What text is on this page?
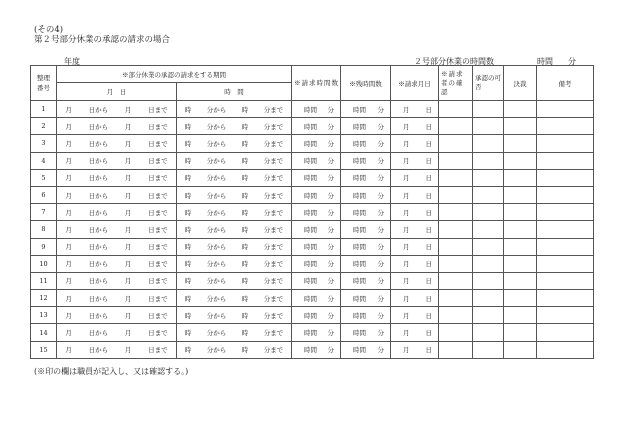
(その4)
第２号部分休業の承認の請求の場合
年度	２号部分休業の時間数	時間 分
整理番号	※部分休業の承認の請求をする期間		※請求時間数	※残時間数	※請求月日	※請求者の確認	承認の可否	決裁	備考
	月　日	時　間							
1	月 日から 月 日まで	時 分から 時 分まで	時間 分	時間 分	月 日				

2	月 日から 月 日まで	時 分から 時 分まで	時間 分	時間 分	月 日				

3	月 日から 月 日まで	時 分から 時 分まで	時間 分	時間 分	月 日				

4	月 日から 月 日まで	時 分から 時 分まで	時間 分	時間 分	月 日				

5	月 日から 月 日まで	時 分から 時 分まで	時間 分	時間 分	月 日				

6	月 日から 月 日まで	時 分から 時 分まで	時間 分	時間 分	月 日				

7	月 日から 月 日まで	時 分から 時 分まで	時間 分	時間 分	月 日				

8	月 日から 月 日まで	時 分から 時 分まで	時間 分	時間 分	月 日				

9	月 日から 月 日まで	時 分から 時 分まで	時間 分	時間 分	月 日				

10	月 日から 月 日まで	時 分から 時 分まで	時間 分	時間 分	月 日				

11	月 日から 月 日まで	時 分から 時 分まで	時間 分	時間 分	月 日				

12	月 日から 月 日まで	時 分から 時 分まで	時間 分	時間 分	月 日				

13	月 日から 月 日まで	時 分から 時 分まで	時間 分	時間 分	月 日				

14	月 日から 月 日まで	時 分から 時 分まで	時間 分	時間 分	月 日				

15	月 日から 月 日まで	時 分から 時 分まで	時間 分	時間 分	月 日				

(※印の欄は職員が記入し、又は確認する。)
